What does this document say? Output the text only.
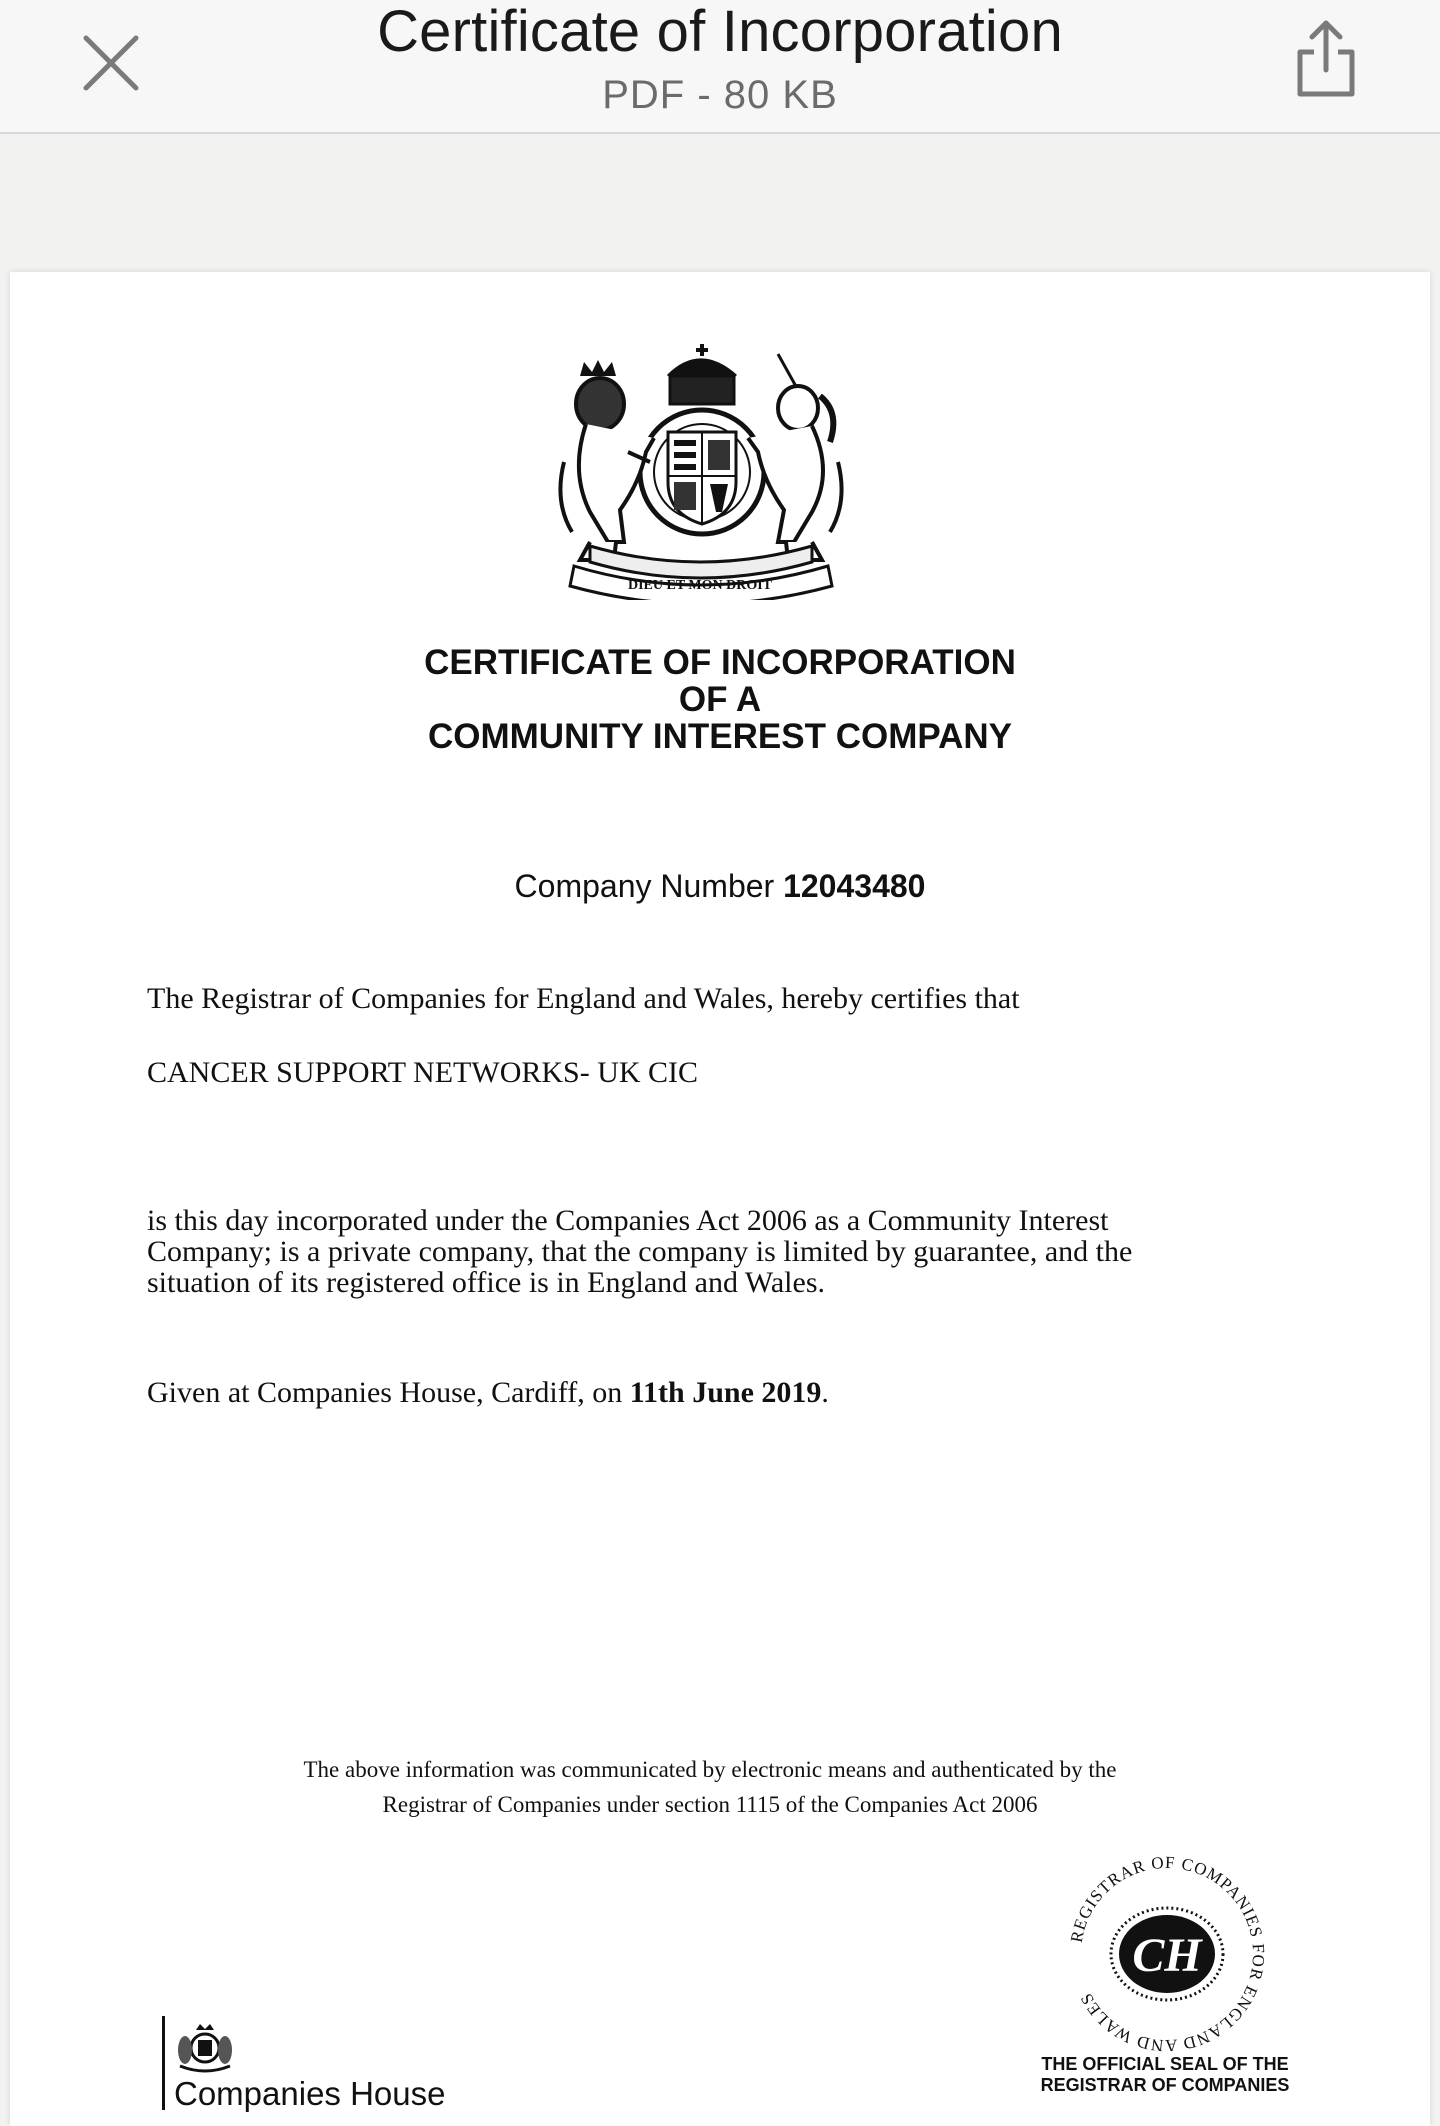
Certificate of Incorporation
PDF - 80 KB
DIEU ET MON DROIT
CERTIFICATE OF INCORPORATION
OF A
COMMUNITY INTEREST COMPANY
Company Number 12043480
The Registrar of Companies for England and Wales, hereby certifies that
CANCER SUPPORT NETWORKS- UK CIC
is this day incorporated under the Companies Act 2006 as a Community Interest
Company; is a private company, that the company is limited by guarantee, and the
situation of its registered office is in England and Wales.
Given at Companies House, Cardiff, on 11th June 2019.
The above information was communicated by electronic means and authenticated by the
Registrar of Companies under section 1115 of the Companies Act 2006
Companies House
REGISTRAR OF COMPANIES FOR ENGLAND AND WALES
CH
THE OFFICIAL SEAL OF THE
REGISTRAR OF COMPANIES
